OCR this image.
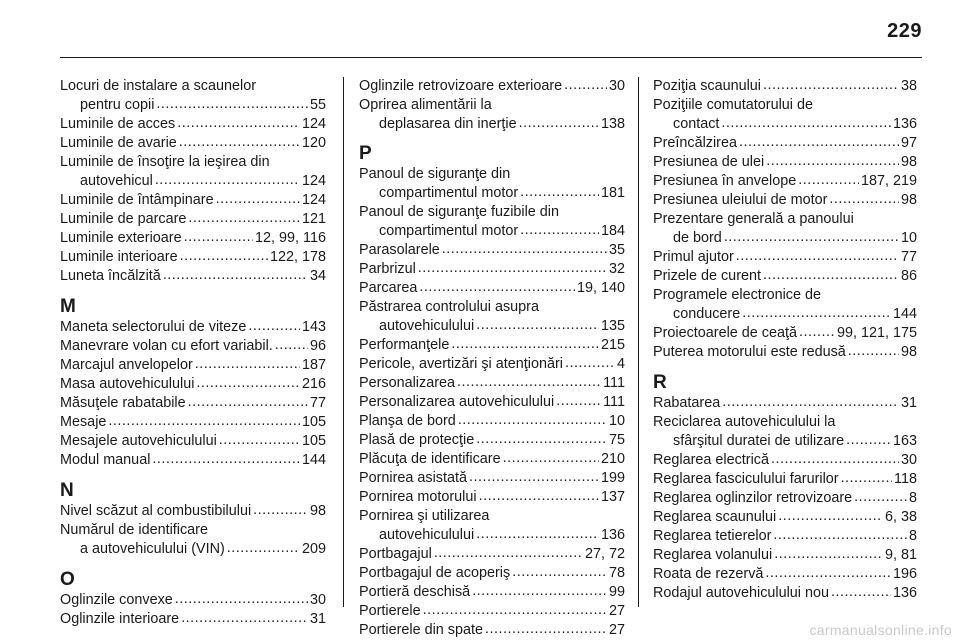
229
Locuri de instalare a scaunelor
pentru copii .....	55
Luminile de acces .....	124
Luminile de avarie .....	120
Luminile de însoţire la ieşirea din
autovehicul .....	124
Luminile de întâmpinare .....	124
Luminile de parcare .....	121
Luminile exterioare .....	12, 99, 116
Luminile interioare .....	122, 178
Luneta încălzită .....	34
M
Maneta selectorului de viteze .....	143
Manevrare volan cu efort variabil. .....	96
Marcajul anvelopelor .....	187
Masa autovehiculului .....	216
Măsuţele rabatabile .....	77
Mesaje .....	105
Mesajele autovehiculului .....	105
Modul manual .....	144
N
Nivel scăzut al combustibilului .....	98
Numărul de identificare
a autovehiculului (VIN) .....	209
O
Oglinzile convexe .....	30
Oglinzile interioare .....	31
Oglinzile retrovizoare exterioare .....	30
Oprirea alimentării la
deplasarea din inerţie .....	138
P
Panoul de siguranţe din
compartimentul motor .....	181
Panoul de siguranţe fuzibile din
compartimentul motor .....	184
Parasolarele .....	35
Parbrizul .....	32
Parcarea .....	19, 140
Păstrarea controlului asupra
autovehiculului .....	135
Performanţele .....	215
Pericole, avertizări şi atenţionări .....	4
Personalizarea .....	111
Personalizarea autovehiculului .....	111
Planşa de bord .....	10
Plasă de protecţie .....	75
Plăcuţa de identificare .....	210
Pornirea asistată .....	199
Pornirea motorului .....	137
Pornirea şi utilizarea
autovehiculului .....	136
Portbagajul .....	27, 72
Portbagajul de acoperiş .....	78
Portieră deschisă .....	99
Portierele .....	27
Portierele din spate .....	27
Poziţia scaunului .....	38
Poziţiile comutatorului de
contact .....	136
Preîncălzirea .....	97
Presiunea de ulei .....	98
Presiunea în anvelope .....	187, 219
Presiunea uleiului de motor .....	98
Prezentare generală a panoului
de bord .....	10
Primul ajutor .....	77
Prizele de curent .....	86
Programele electronice de
conducere .....	144
Proiectoarele de ceaţă .....	99, 121, 175
Puterea motorului este redusă .....	98
R
Rabatarea .....	31
Reciclarea autovehiculului la
sfârşitul duratei de utilizare .....	163
Reglarea electrică .....	30
Reglarea fasciculului farurilor .....	118
Reglarea oglinzilor retrovizoare .....	8
Reglarea scaunului .....	6, 38
Reglarea tetierelor .....	8
Reglarea volanului .....	9, 81
Roata de rezervă .....	196
Rodajul autovehiculului nou .....	136
carmanualsonline.info
